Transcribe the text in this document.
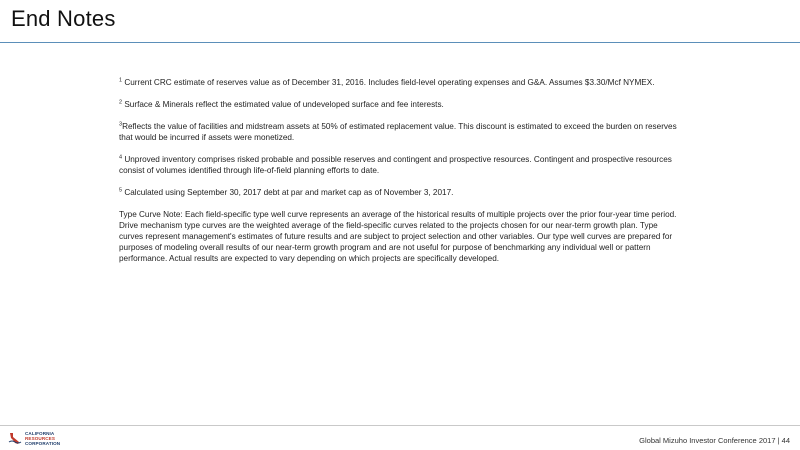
End Notes

$^1$ Current CRC estimate of reserves value as of December 31, 2016. Includes field-level operating expenses and G&A. Assumes $3.30/Mcf NYMEX.

$^2$ Surface & Minerals reflect the estimated value of undeveloped surface and fee interests.

$^3$Reflects the value of facilities and midstream assets at 50% of estimated replacement value. This discount is estimated to exceed the burden on reserves that would be incurred if assets were monetized.

$^4$ Unproved inventory comprises risked probable and possible reserves and contingent and prospective resources. Contingent and prospective resources consist of volumes identified through life-of-field planning efforts to date.

$^5$ Calculated using September 30, 2017 debt at par and market cap as of November 3, 2017.

Type Curve Note: Each field-specific type well curve represents an average of the historical results of multiple projects over the prior four-year time period. Drive mechanism type curves are the weighted average of the field-specific curves related to the projects chosen for our near-term growth plan. Type curves represent management's estimates of future results and are subject to project selection and other variables. Our type well curves are prepared for purposes of modeling overall results of our near-term growth program and are not useful for purpose of benchmarking any individual well or pattern performance. Actual results are expected to vary depending on which projects are specifically developed.

CALIFORNIA
RESOURCES
CORPORATION	Global Mizuho Investor Conference 2017 | 44
